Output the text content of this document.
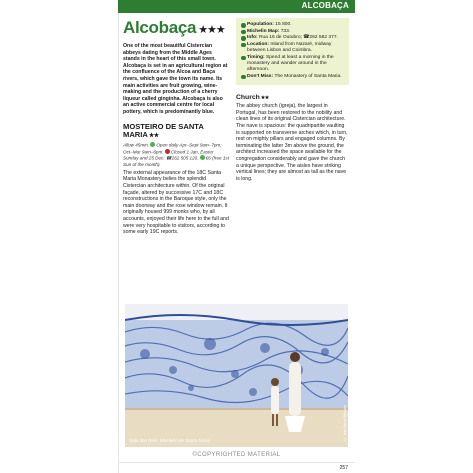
ALCOBAÇA
Alcobaça ★★★

One of the most beautiful Cistercian abbeys dating from the Middle Ages stands in the heart of this small town. Alcobaça is set in an agricultural region at the confluence of the Alcoa and Baça rivers, which gave the town its name. Its main activities are fruit growing, wine-making and the production of a cherry liqueur called ginginha. Alcobaça is also an active commercial centre for local pottery, which is predominantly blue.

MOSTEIRO DE SANTA MARIA★★
Allow 45min. Open daily Apr–Sept 9am–7pm; Oct–Mar 9am–6pm. Closed 1 Jan, Easter Sunday and 25 Dec. ☎262 505 120. €6 (free 1st Sun of the month).

The external appearance of the 18C Santa Maria Monastery belies the splendid Cistercian architecture within. Of the original façade, altered by successive 17C and 18C reconstructions in the Baroque style, only the main doorway and the rose window remain. It originally housed 999 monks who, by all accounts, enjoyed their life here to the full and were very hospitable to visitors, according to some early 19C reports.

Population: 15 800.
Michelin Map: 733.
Info: Rua 16 de Outubro; ☎262 582 377.
Location: Inland from Nazaré, midway between Lisbon and Coimbra.
Timing: Spend at least a morning in the monastery and wander around in the afternoon.
Don't Miss: The Monastery of Santa Maria.
Church★★

The abbey church (igreja), the largest in Portugal, has been restored to the nobility and clean lines of its original Cistercian architecture. The nave is spacious: the quadripartite vaulting is supported on transverse arches which, in turn, rest on mighty pillars and engaged columns. By terminating the latter 3m above the ground, the architect increased the space available for the congregation considerably and gave the church a unique perspective. The aisles have striking vertical lines; they are almost as tall as the nave is long.

Sala dos Reis, Mosteiro de Santa Maria	© Jean-Benoit Bernard
©COPYRIGHTED MATERIAL
257
